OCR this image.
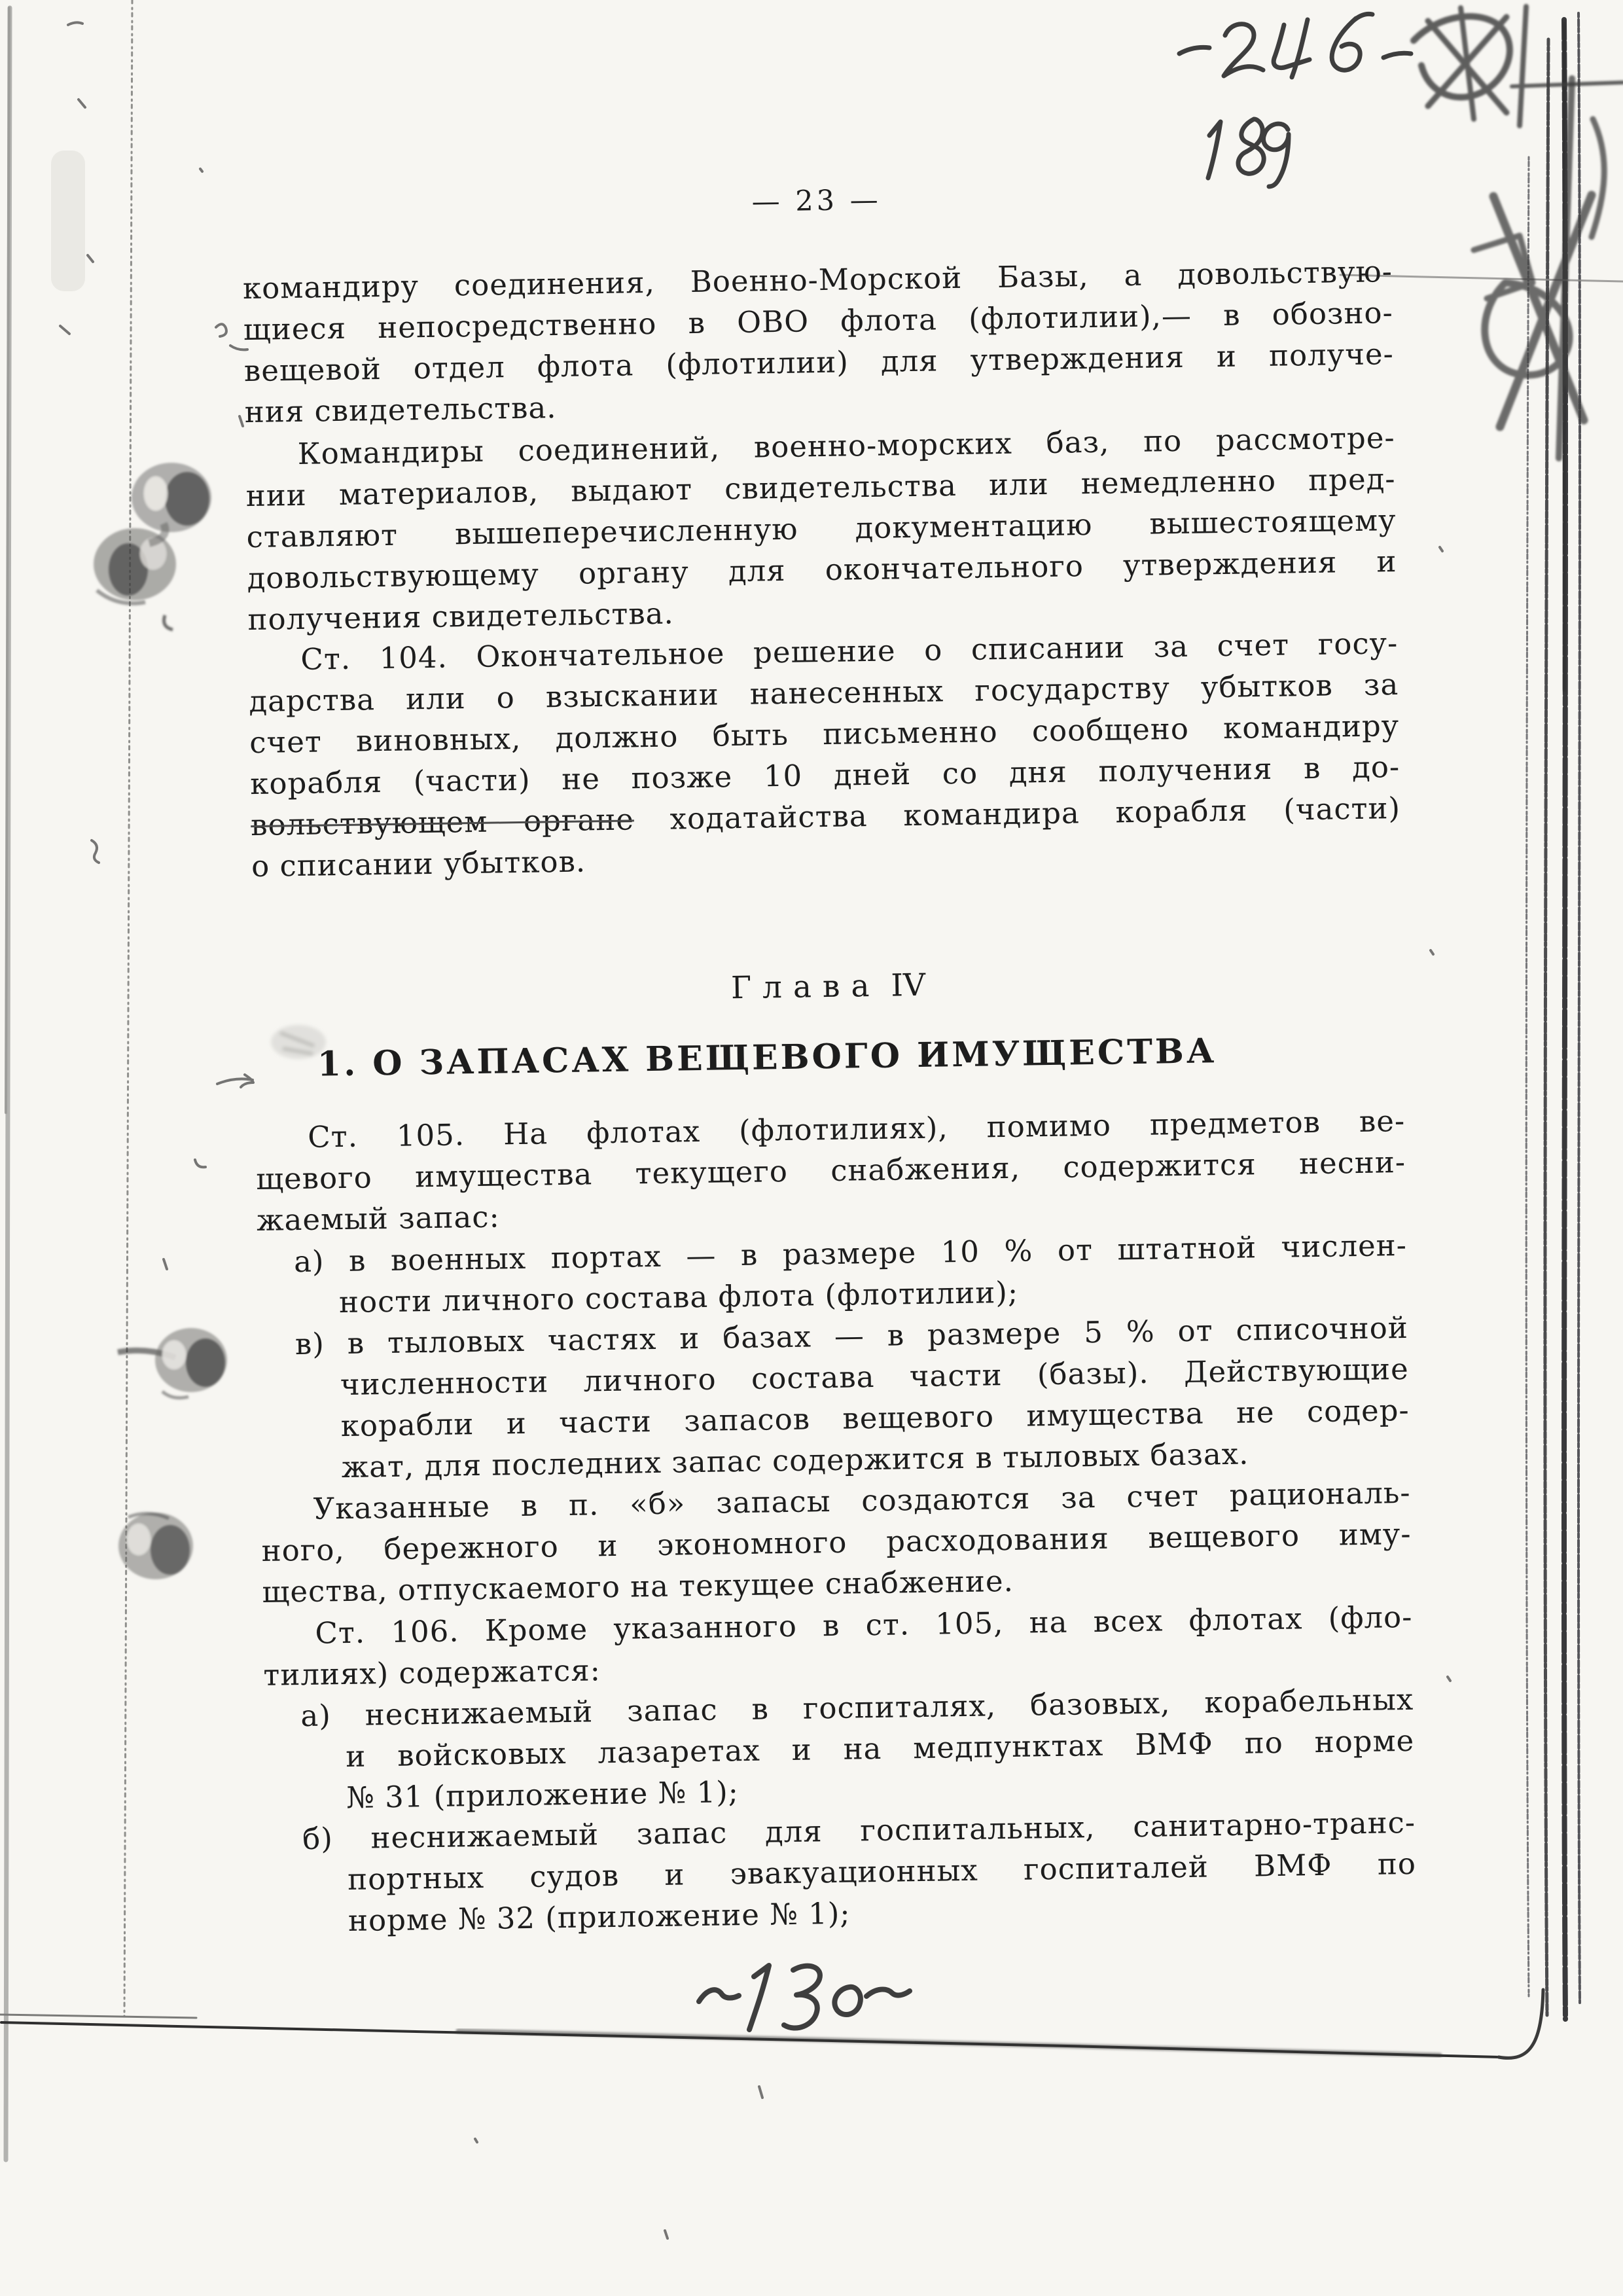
— 23 —
командиру соединения, Военно-Морской Базы, а довольствую-
щиеся непосредственно в ОВО флота (флотилии),— в обозно-
вещевой отдел флота (флотилии) для утверждения и получе-
ния свидетельства.
Командиры соединений, военно-морских баз, по рассмотре-
нии материалов, выдают свидетельства или немедленно пред-
ставляют вышеперечисленную документацию вышестоящему
довольствующему органу для окончательного утверждения и
получения свидетельства.
Ст. 104. Окончательное решение о списании за счет госу-
дарства или о взыскании нанесенных государству убытков за
счет виновных, должно быть письменно сообщено командиру
корабля (части) не позже 10 дней со дня получения в до-
вольствующем органе ходатайства командира корабля (части)
о списании убытков.
Глава IV
1. О ЗАПАСАХ ВЕЩЕВОГО ИМУЩЕСТВА
Ст. 105. На флотах (флотилиях), помимо предметов ве-
щевого имущества текущего снабжения, содержится несни-
жаемый запас:
а) в военных портах — в размере 10 % от штатной числен-
ности личного состава флота (флотилии);
в) в тыловых частях и базах — в размере 5 % от списочной
численности личного состава части (базы). Действующие
корабли и части запасов вещевого имущества не содер-
жат, для последних запас содержится в тыловых базах.
Указанные в п. «б» запасы создаются за счет рациональ-
ного, бережного и экономного расходования вещевого иму-
щества, отпускаемого на текущее снабжение.
Ст. 106. Кроме указанного в ст. 105, на всех флотах (фло-
тилиях) содержатся:
а) неснижаемый запас в госпиталях, базовых, корабельных
и войсковых лазаретах и на медпунктах ВМФ по норме
№ 31 (приложение № 1);
б) неснижаемый запас для госпитальных, санитарно-транс-
портных судов и эвакуационных госпиталей ВМФ по
норме № 32 (приложение № 1);
